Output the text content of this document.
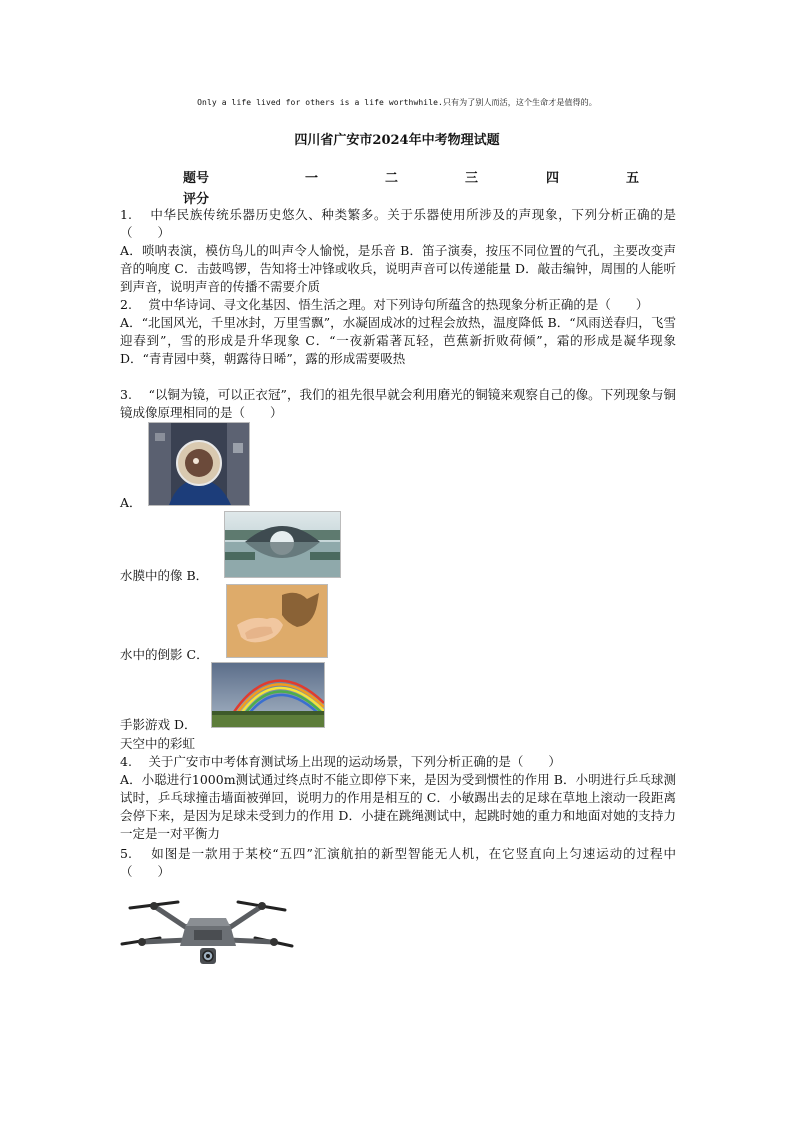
Only a life lived for others is a life worthwhile.只有为了别人而活，这个生命才是值得的。
四川省广安市2024年中考物理试题
题号	一	二	三	四	五
评分

1.　 中华民族传统乐器历史悠久、种类繁多。关于乐器使用所涉及的声现象，下列分析正确的是（　　）

A．唢呐表演，模仿鸟儿的叫声令人愉悦，是乐音 B．笛子演奏，按压不同位置的气孔，主要改变声音的响度 C．击鼓鸣锣，告知将士冲锋或收兵，说明声音可以传递能量 D．敲击编钟，周围的人能听到声音，说明声音的传播不需要介质

2.　 赏中华诗词、寻文化基因、悟生活之理。对下列诗句所蕴含的热现象分析正确的是（　　）

A．“北国风光，千里冰封，万里雪飘”，水凝固成冰的过程会放热，温度降低 B．“风雨送春归，飞雪迎春到”，雪的形成是升华现象 C．“一夜新霜著瓦轻，芭蕉新折败荷倾”，霜的形成是凝华现象 D．“青青园中葵，朝露待日晞”，露的形成需要吸热

3.　 “以铜为镜，可以正衣冠”，我们的祖先很早就会利用磨光的铜镜来观察自己的像。下列现象与铜镜成像原理相同的是（　　）

A．
水膜中的像 B．
水中的倒影 C．
手影游戏 D．
天空中的彩虹

4.　 关于广安市中考体育测试场上出现的运动场景，下列分析正确的是（　　）

A．小聪进行1000m测试通过终点时不能立即停下来，是因为受到惯性的作用 B．小明进行乒乓球测试时，乒乓球撞击墙面被弹回，说明力的作用是相互的 C．小敏踢出去的足球在草地上滚动一段距离会停下来，是因为足球未受到力的作用 D．小捷在跳绳测试中，起跳时她的重力和地面对她的支持力一定是一对平衡力

5.　 如图是一款用于某校“五四”汇演航拍的新型智能无人机，在它竖直向上匀速运动的过程中（　　）
